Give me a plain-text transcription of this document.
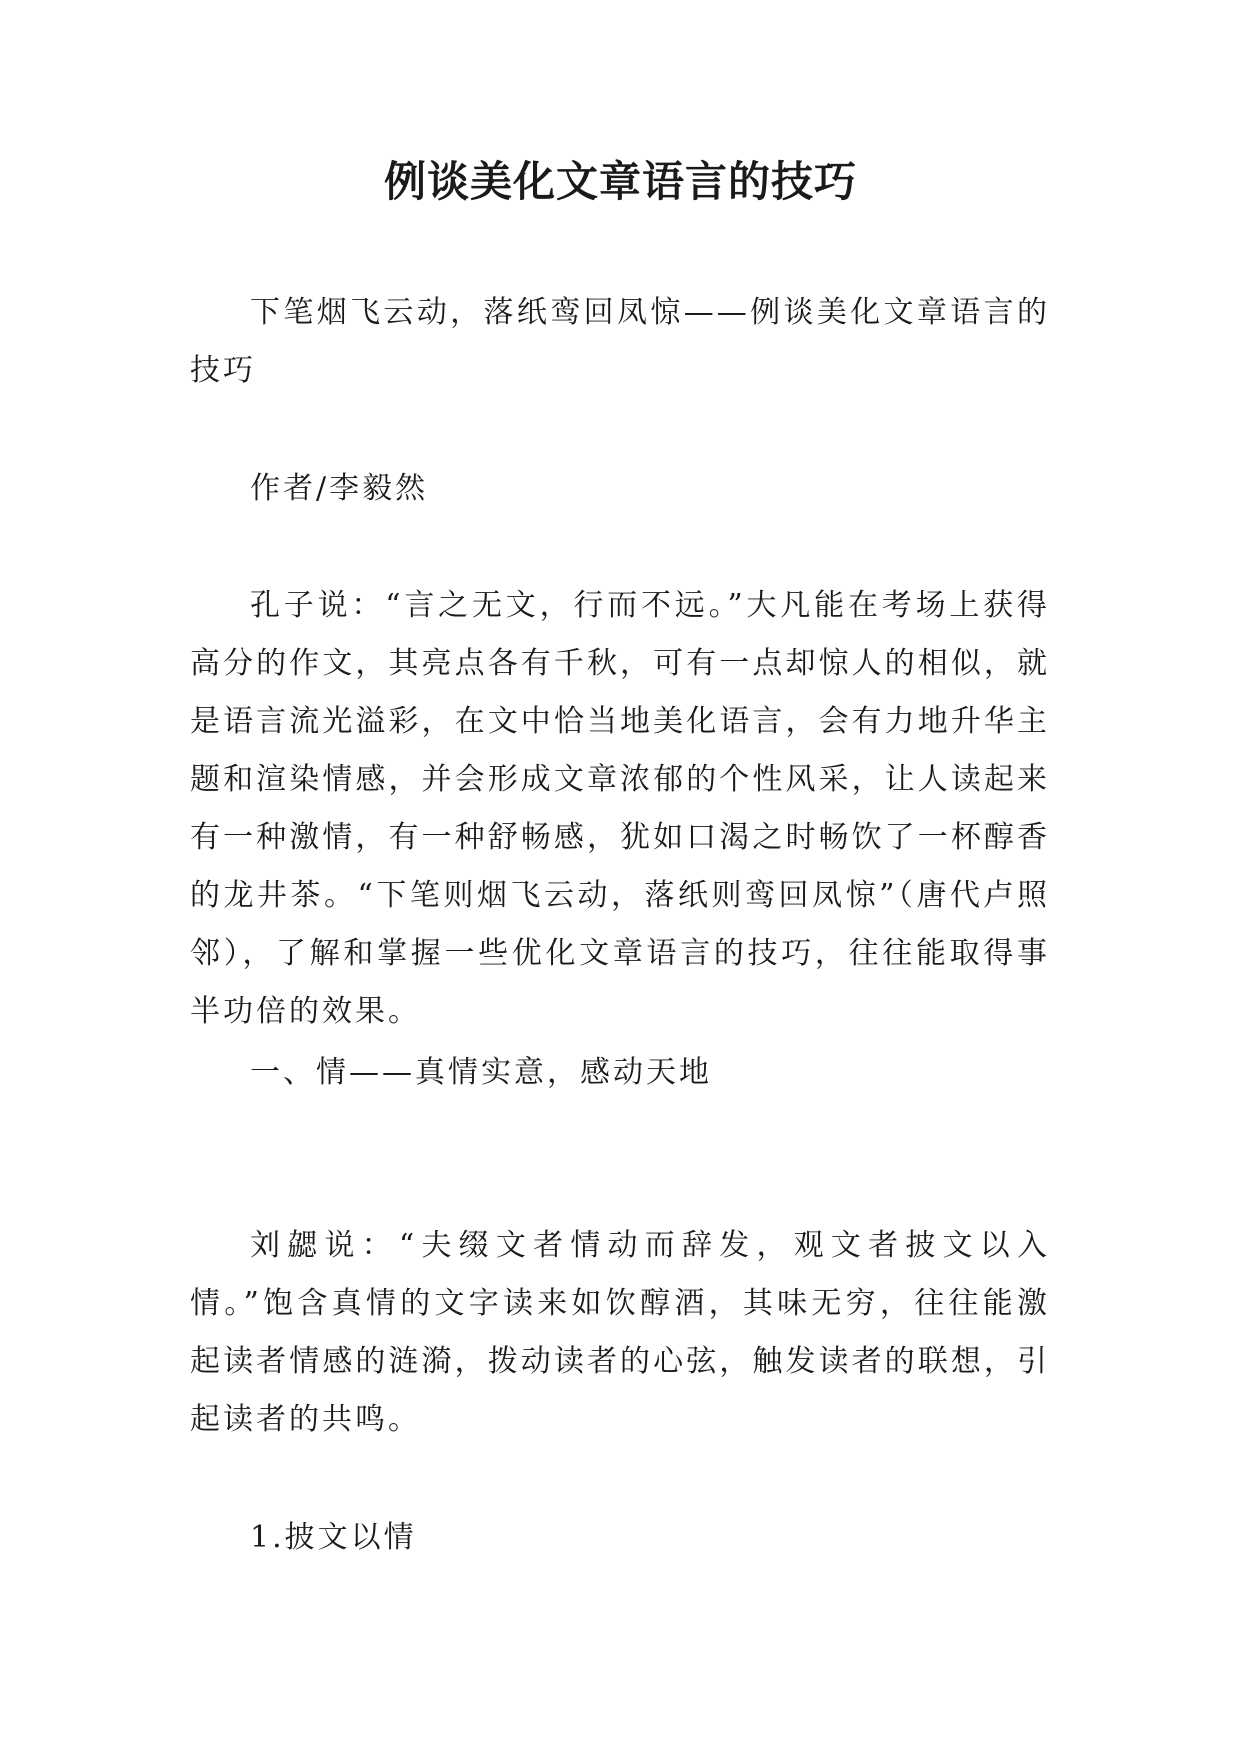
例谈美化文章语言的技巧

下笔烟飞云动，落纸鸾回凤惊——例谈美化文章语言的技巧

作者/李毅然

孔子说：“言之无文，行而不远。”大凡能在考场上获得高分的作文，其亮点各有千秋，可有一点却惊人的相似，就是语言流光溢彩，在文中恰当地美化语言，会有力地升华主题和渲染情感，并会形成文章浓郁的个性风采，让人读起来有一种激情，有一种舒畅感，犹如口渴之时畅饮了一杯醇香的龙井茶。“下笔则烟飞云动，落纸则鸾回凤惊”（唐代卢照邻），了解和掌握一些优化文章语言的技巧，往往能取得事半功倍的效果。

一、情——真情实意，感动天地

刘勰说：“夫缀文者情动而辞发，观文者披文以入情。”饱含真情的文字读来如饮醇酒，其味无穷，往往能激起读者情感的涟漪，拨动读者的心弦，触发读者的联想，引起读者的共鸣。

1.披文以情
